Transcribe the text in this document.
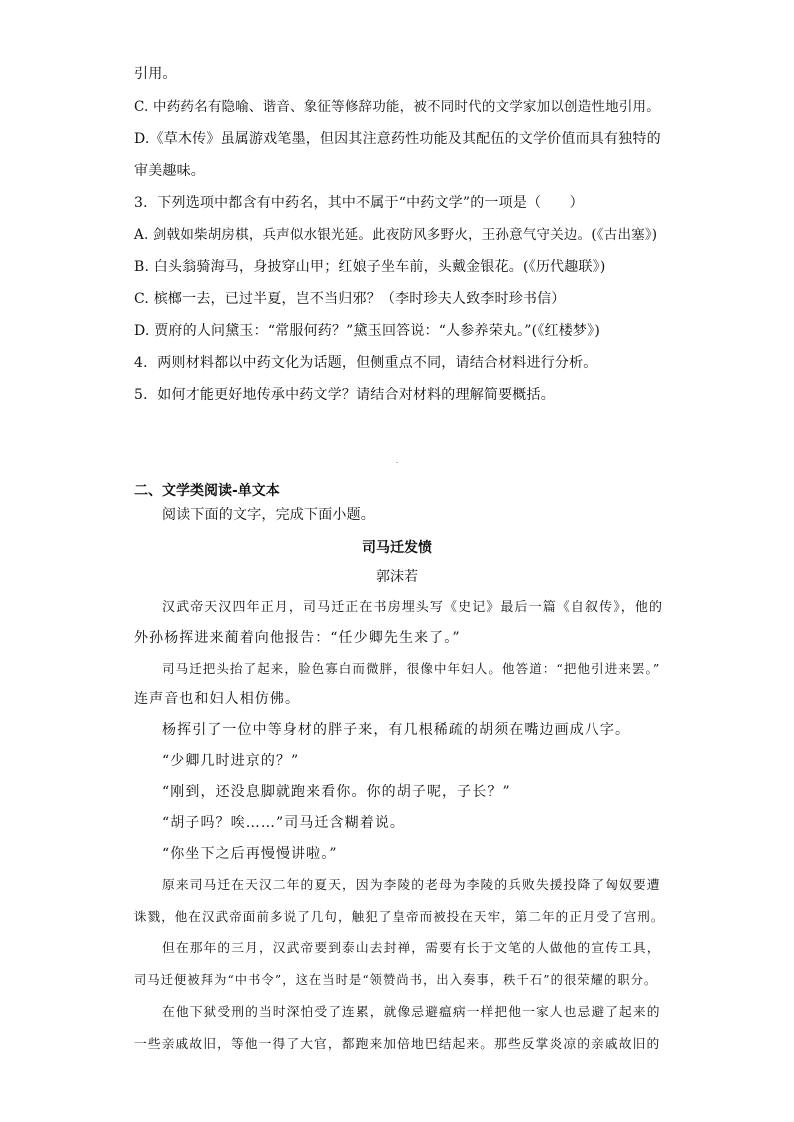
引用。
C. 中药药名有隐喻、谐音、象征等修辞功能，被不同时代的文学家加以创造性地引用。
D.《草木传》虽属游戏笔墨，但因其注意药性功能及其配伍的文学价值而具有独特的
审美趣味。
3．下列选项中都含有中药名，其中不属于“中药文学”的一项是（　　）
A. 剑戟如柴胡房棋，兵声似水银光延。此夜防风多野火，王孙意气守关边。(《古出塞》)
B. 白头翁骑海马，身披穿山甲；红娘子坐车前，头戴金银花。(《历代趣联》)
C. 槟榔一去，已过半夏，岂不当归邪？（李时珍夫人致李时珍书信）
D. 贾府的人问黛玉：“常服何药？”黛玉回答说：“人参养荣丸。”(《红楼梦》)
4．两则材料都以中药文化为话题，但侧重点不同，请结合材料进行分析。
5．如何才能更好地传承中药文学？请结合对材料的理解简要概括。
二、文学类阅读-单文本
阅读下面的文字，完成下面小题。
司马迁发愤
郭沫若
汉武帝天汉四年正月，司马迁正在书房埋头写《史记》最后一篇《自叙传》，他的
外孙杨挥进来蔺着向他报告：“任少卿先生来了。”
司马迁把头抬了起来，脸色寡白而微胖，很像中年妇人。他答道：“把他引进来罢。”
连声音也和妇人相仿佛。
杨挥引了一位中等身材的胖子来，有几根稀疏的胡须在嘴边画成八字。
“少卿几时进京的？”
“刚到，还没息脚就跑来看你。你的胡子呢，子长？”
“胡子吗？唉……”司马迁含糊着说。
“你坐下之后再慢慢讲啦。”
原来司马迁在天汉二年的夏天，因为李陵的老母为李陵的兵败失援投降了匈奴要遭
诛戮，他在汉武帝面前多说了几句，触犯了皇帝而被投在天牢，第二年的正月受了宫刑。
但在那年的三月，汉武帝要到泰山去封禅，需要有长于文笔的人做他的宣传工具，
司马迁便被拜为“中书令”，这在当时是“领赞尚书，出入奏事，秩千石”的很荣耀的职分。
在他下狱受刑的当时深怕受了连累，就像忌避瘟病一样把他一家人也忌避了起来的
一些亲戚故旧，等他一得了大官，都跑来加倍地巴结起来。那些反掌炎凉的亲戚故旧的
